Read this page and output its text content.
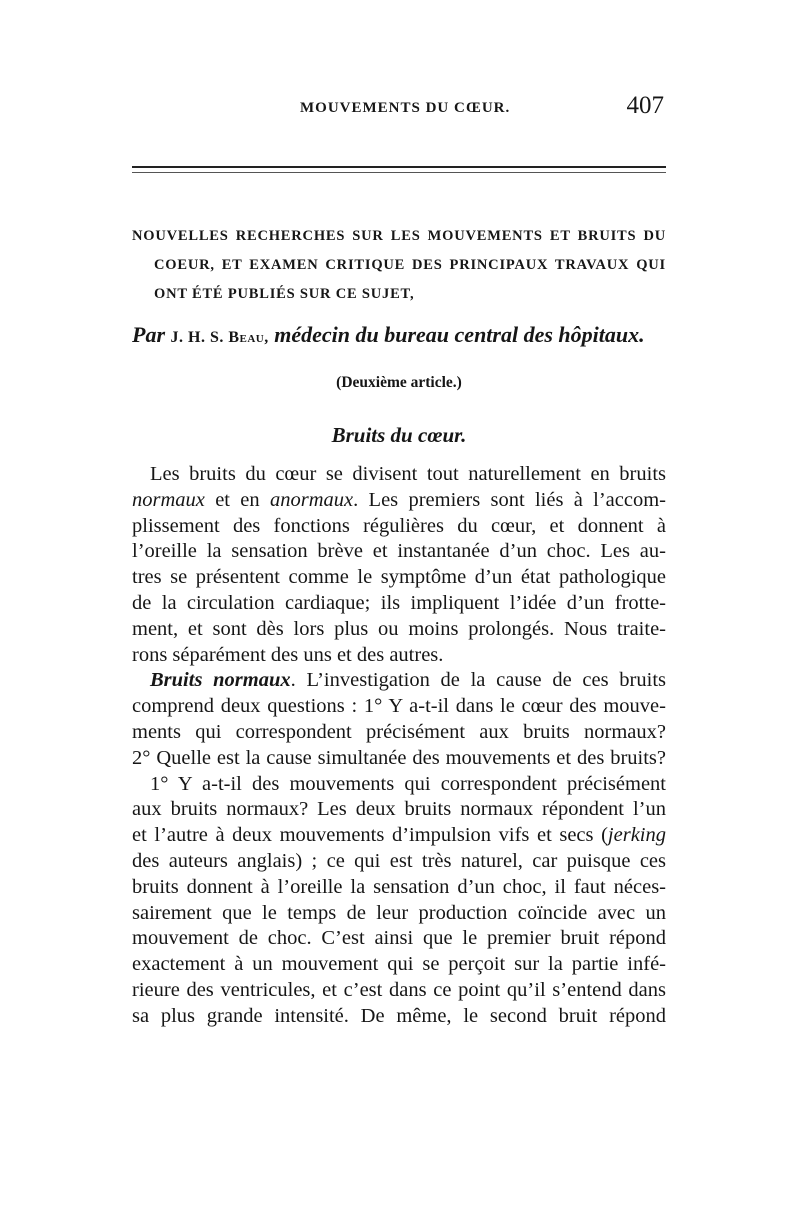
MOUVEMENTS DU CŒUR.	407
NOUVELLES RECHERCHES SUR LES MOUVEMENTS ET BRUITS DU
COEUR, ET EXAMEN CRITIQUE DES PRINCIPAUX TRAVAUX QUI
ONT ÉTÉ PUBLIÉS SUR CE SUJET,
Par J. H. S. Beau, médecin du bureau central des hôpitaux.
(Deuxième article.)
Bruits du cœur.
Les bruits du cœur se divisent tout naturellement en bruits
normaux et en anormaux. Les premiers sont liés à l’accom-
plissement des fonctions régulières du cœur, et donnent à
l’oreille la sensation brève et instantanée d’un choc. Les au-
tres se présentent comme le symptôme d’un état pathologique
de la circulation cardiaque; ils impliquent l’idée d’un frotte-
ment, et sont dès lors plus ou moins prolongés. Nous traite-
rons séparément des uns et des autres.
Bruits normaux. L’investigation de la cause de ces bruits
comprend deux questions : 1° Y a-t-il dans le cœur des mouve-
ments qui correspondent précisément aux bruits normaux?
2° Quelle est la cause simultanée des mouvements et des bruits?
1° Y a-t-il des mouvements qui correspondent précisément
aux bruits normaux? Les deux bruits normaux répondent l’un
et l’autre à deux mouvements d’impulsion vifs et secs (jerking
des auteurs anglais) ; ce qui est très naturel, car puisque ces
bruits donnent à l’oreille la sensation d’un choc, il faut néces-
sairement que le temps de leur production coïncide avec un
mouvement de choc. C’est ainsi que le premier bruit répond
exactement à un mouvement qui se perçoit sur la partie infé-
rieure des ventricules, et c’est dans ce point qu’il s’entend dans
sa plus grande intensité. De même, le second bruit répond
